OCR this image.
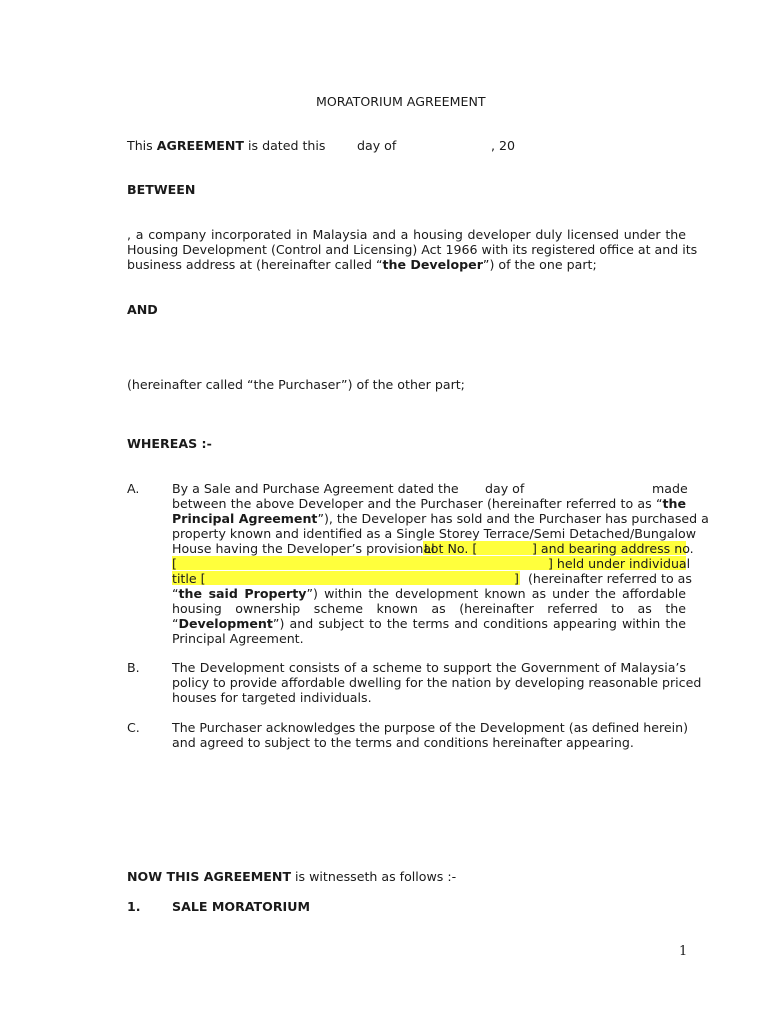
MORATORIUM AGREEMENT
This AGREEMENT is dated this	day of	, 20
BETWEEN
, a company incorporated in Malaysia and a housing developer duly licensed under the
Housing Development (Control and Licensing) Act 1966 with its registered office at and its
business address at (hereinafter called “the Developer”) of the one part;
AND
(hereinafter called “the Purchaser”) of the other part;
WHEREAS :-
A.	By a Sale and Purchase Agreement dated the day of	made
between the above Developer and the Purchaser (hereinafter referred to as “the
Principal Agreement”), the Developer has sold and the Purchaser has purchased a
property known and identified as a Single Storey Terrace/Semi Detached/Bungalow
House having the Developer’s provisional
Lot No. [	] and bearing address no.
[	] held under individual
title [	] (hereinafter referred to as
“the said Property”) within the development known as under the affordable
housing ownership scheme known as (hereinafter referred to as the
“Development”) and subject to the terms and conditions appearing within the
Principal Agreement.
B.	The Development consists of a scheme to support the Government of Malaysia’s
policy to provide affordable dwelling for the nation by developing reasonable priced
houses for targeted individuals.
C.	The Purchaser acknowledges the purpose of the Development (as defined herein)
and agreed to subject to the terms and conditions hereinafter appearing.
NOW THIS AGREEMENT is witnesseth as follows :-
1. SALE MORATORIUM
1
